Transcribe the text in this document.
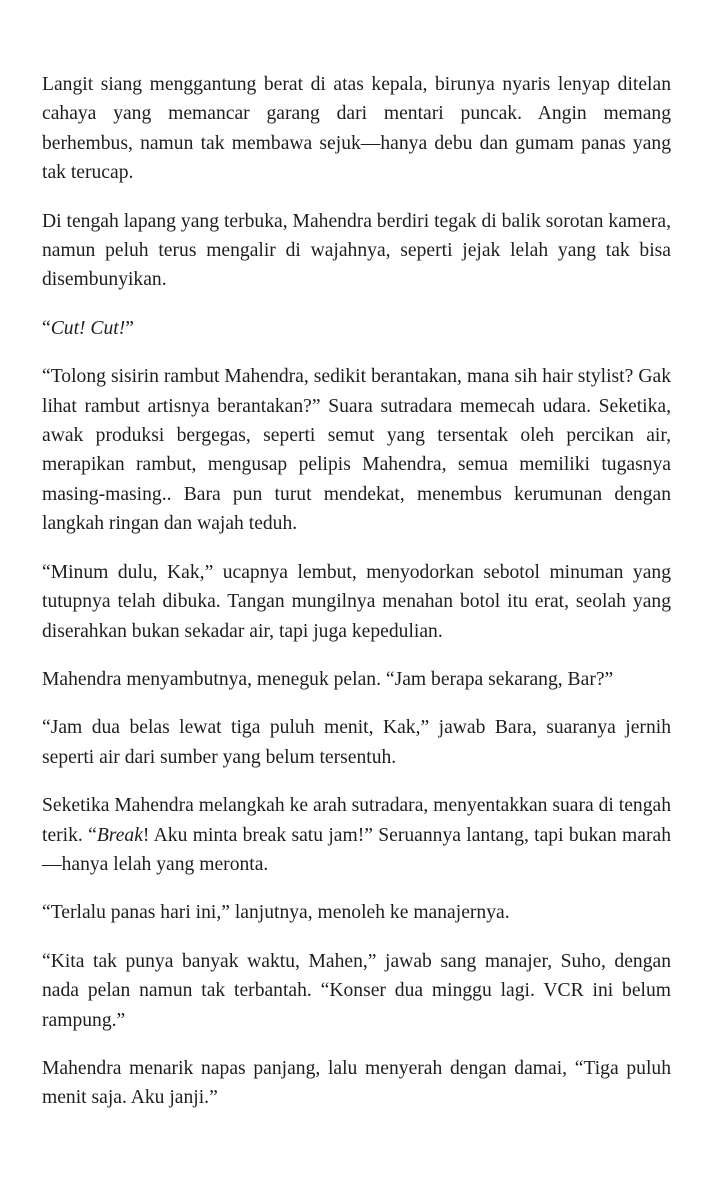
Langit siang menggantung berat di atas kepala, birunya nyaris lenyap ditelan cahaya yang memancar garang dari mentari puncak. Angin memang berhembus, namun tak membawa sejuk—hanya debu dan gumam panas yang tak terucap.

Di tengah lapang yang terbuka, Mahendra berdiri tegak di balik sorotan kamera, namun peluh terus mengalir di wajahnya, seperti jejak lelah yang tak bisa disembunyikan.

“Cut! Cut!”

“Tolong sisirin rambut Mahendra, sedikit berantakan, mana sih hair stylist? Gak lihat rambut artisnya berantakan?” Suara sutradara memecah udara. Seketika, awak produksi bergegas, seperti semut yang tersentak oleh percikan air, merapikan rambut, mengusap pelipis Mahendra, semua memiliki tugasnya masing-masing.. Bara pun turut mendekat, menembus kerumunan dengan langkah ringan dan wajah teduh.

“Minum dulu, Kak,” ucapnya lembut, menyodorkan sebotol minuman yang tutupnya telah dibuka. Tangan mungilnya menahan botol itu erat, seolah yang diserahkan bukan sekadar air, tapi juga kepedulian.

Mahendra menyambutnya, meneguk pelan. “Jam berapa sekarang, Bar?”

“Jam dua belas lewat tiga puluh menit, Kak,” jawab Bara, suaranya jernih seperti air dari sumber yang belum tersentuh.

Seketika Mahendra melangkah ke arah sutradara, menyentakkan suara di tengah terik. “Break! Aku minta break satu jam!” Seruannya lantang, tapi bukan marah—hanya lelah yang meronta.

“Terlalu panas hari ini,” lanjutnya, menoleh ke manajernya.

“Kita tak punya banyak waktu, Mahen,” jawab sang manajer, Suho, dengan nada pelan namun tak terbantah. “Konser dua minggu lagi. VCR ini belum rampung.”

Mahendra menarik napas panjang, lalu menyerah dengan damai, “Tiga puluh menit saja. Aku janji.”
